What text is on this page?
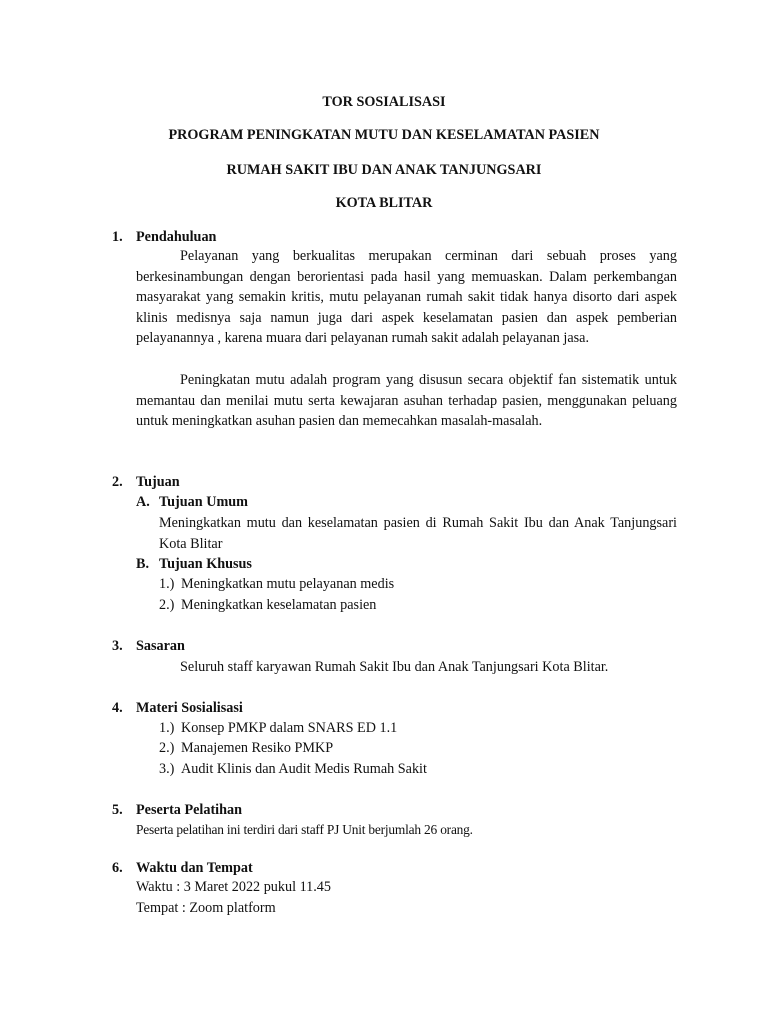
TOR SOSIALISASI
PROGRAM PENINGKATAN MUTU DAN KESELAMATAN PASIEN
RUMAH SAKIT IBU DAN ANAK TANJUNGSARI
KOTA BLITAR
1. Pendahuluan

Pelayanan yang berkualitas merupakan cerminan dari sebuah proses yang berkesinambungan dengan berorientasi pada hasil yang memuaskan. Dalam perkembangan masyarakat yang semakin kritis, mutu pelayanan rumah sakit tidak hanya disorto dari aspek klinis medisnya saja namun juga dari aspek keselamatan pasien dan aspek pemberian pelayanannya , karena muara dari pelayanan rumah sakit adalah pelayanan jasa.

Peningkatan mutu adalah program yang disusun secara objektif fan sistematik untuk memantau dan menilai mutu serta kewajaran asuhan terhadap pasien, menggunakan peluang untuk meningkatkan asuhan pasien dan memecahkan masalah-masalah.

2. Tujuan
A. Tujuan Umum

Meningkatkan mutu dan keselamatan pasien di Rumah Sakit Ibu dan Anak Tanjungsari Kota Blitar

B. Tujuan Khusus
1.) Meningkatkan mutu pelayanan medis
2.) Meningkatkan keselamatan pasien
3. Sasaran
Seluruh staff karyawan Rumah Sakit Ibu dan Anak Tanjungsari Kota Blitar.
4. Materi Sosialisasi
1.) Konsep PMKP dalam SNARS ED 1.1
2.) Manajemen Resiko PMKP
3.) Audit Klinis dan Audit Medis Rumah Sakit
5. Peserta Pelatihan
Peserta pelatihan ini terdiri dari staff PJ Unit berjumlah 26 orang.
6. Waktu dan Tempat
Waktu : 3 Maret 2022 pukul 11.45
Tempat : Zoom platform
